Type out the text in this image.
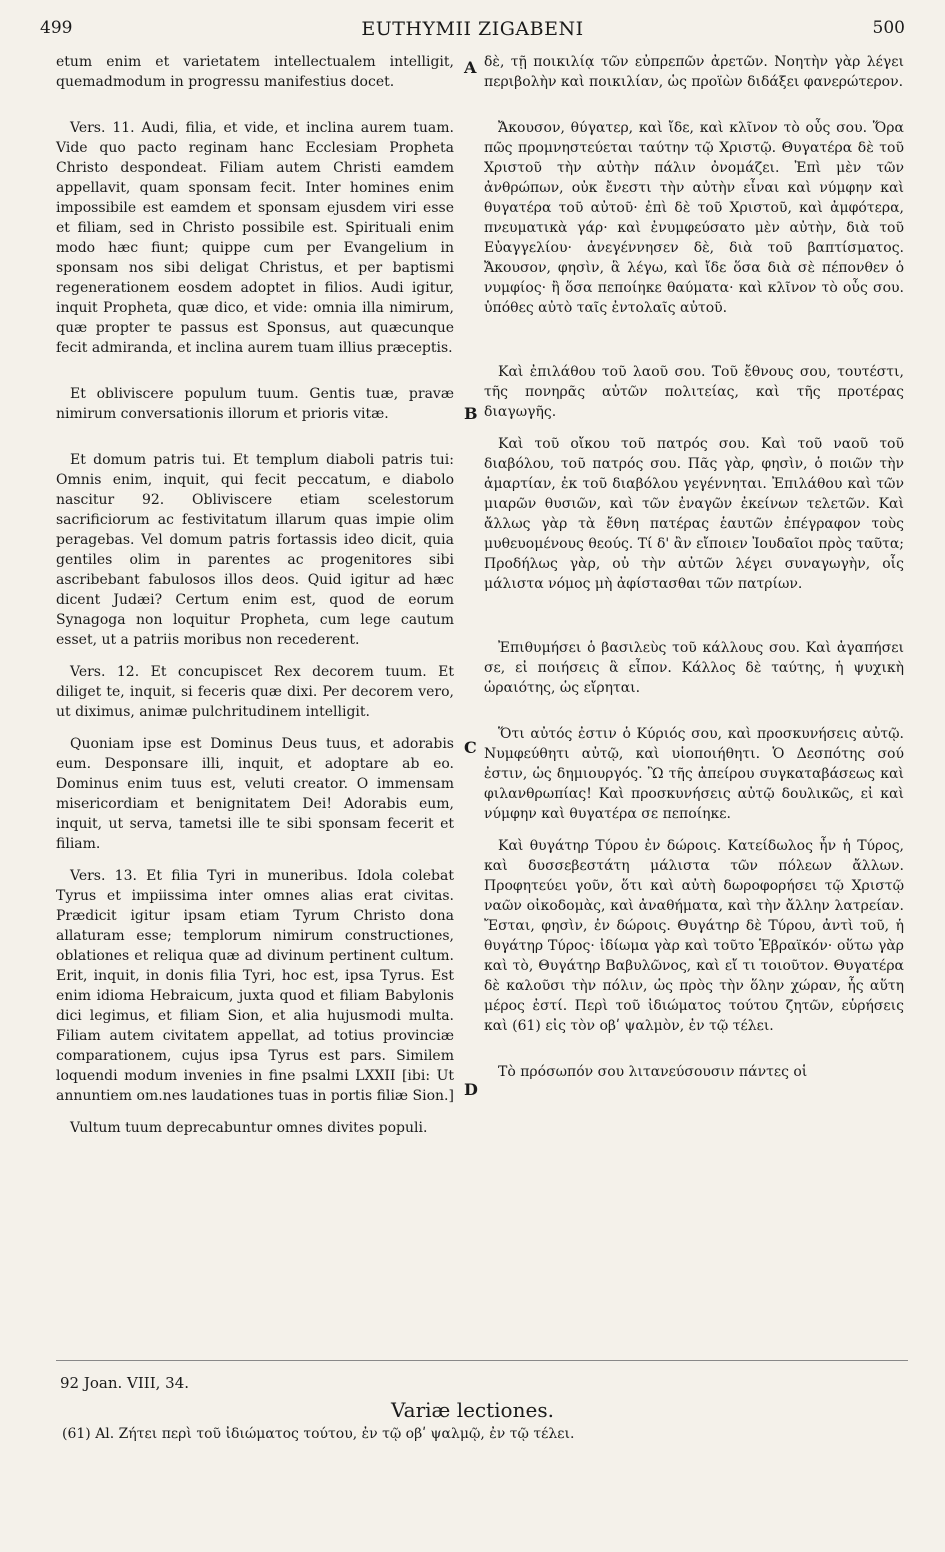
499	EUTHYMII ZIGABENI	500
A
B
C
D

etum enim et varietatem intellectualem intelligit, quemadmodum in progressu manifestius docet.

Vers. 11. Audi, filia, et vide, et inclina aurem tuam. Vide quo pacto reginam hanc Ecclesiam Propheta Christo despondeat. Filiam autem Christi eamdem appellavit, quam sponsam fecit. Inter homines enim impossibile est eamdem et sponsam ejusdem viri esse et filiam, sed in Christo possibile est. Spirituali enim modo hæc fiunt; quippe cum per Evangelium in sponsam nos sibi deligat Christus, et per baptismi regenerationem eosdem adoptet in filios. Audi igitur, inquit Propheta, quæ dico, et vide: omnia illa nimirum, quæ propter te passus est Sponsus, aut quæcunque fecit admiranda, et inclina aurem tuam illius præceptis.

Et obliviscere populum tuum. Gentis tuæ, pravæ nimirum conversationis illorum et prioris vitæ.

Et domum patris tui. Et templum diaboli patris tui: Omnis enim, inquit, qui fecit peccatum, e diabolo nascitur 92. Obliviscere etiam scelestorum sacrificiorum ac festivitatum illarum quas impie olim peragebas. Vel domum patris fortassis ideo dicit, quia gentiles olim in parentes ac progenitores sibi ascribebant fabulosos illos deos. Quid igitur ad hæc dicent Judæi? Certum enim est, quod de eorum Synagoga non loquitur Propheta, cum lege cautum esset, ut a patriis moribus non recederent.

Vers. 12. Et concupiscet Rex decorem tuum. Et diliget te, inquit, si feceris quæ dixi. Per decorem vero, ut diximus, animæ pulchritudinem intelligit.

Quoniam ipse est Dominus Deus tuus, et adorabis eum. Desponsare illi, inquit, et adoptare ab eo. Dominus enim tuus est, veluti creator. O immensam misericordiam et benignitatem Dei! Adorabis eum, inquit, ut serva, tametsi ille te sibi sponsam fecerit et filiam.

Vers. 13. Et filia Tyri in muneribus. Idola colebat Tyrus et impiissima inter omnes alias erat civitas. Prædicit igitur ipsam etiam Tyrum Christo dona allaturam esse; templorum nimirum constructiones, oblationes et reliqua quæ ad divinum pertinent cultum. Erit, inquit, in donis filia Tyri, hoc est, ipsa Tyrus. Est enim idioma Hebraicum, juxta quod et filiam Babylonis dici legimus, et filiam Sion, et alia hujusmodi multa. Filiam autem civitatem appellat, ad totius provinciæ comparationem, cujus ipsa Tyrus est pars. Similem loquendi modum invenies in fine psalmi LXXII [ibi: Ut annuntiem om.nes laudationes tuas in portis filiæ Sion.]

Vultum tuum deprecabuntur omnes divites populi.

δὲ, τῇ ποικιλίᾳ τῶν εὐπρεπῶν ἀρετῶν. Νοητὴν γὰρ λέγει περιβολὴν καὶ ποικιλίαν, ὡς προϊὼν διδάξει φανερώτερον.

Ἄκουσον, θύγατερ, καὶ ἴδε, καὶ κλῖνον τὸ οὖς σου. Ὅρα πῶς προμνηστεύεται ταύτην τῷ Χριστῷ. Θυγατέρα δὲ τοῦ Χριστοῦ τὴν αὐτὴν πάλιν ὀνομάζει. Ἐπὶ μὲν τῶν ἀνθρώπων, οὐκ ἔνεστι τὴν αὐτὴν εἶναι καὶ νύμφην καὶ θυγατέρα τοῦ αὐτοῦ· ἐπὶ δὲ τοῦ Χριστοῦ, καὶ ἀμφότερα, πνευματικὰ γάρ· καὶ ἐνυμφεύσατο μὲν αὐτὴν, διὰ τοῦ Εὐαγγελίου· ἀνεγέννησεν δὲ, διὰ τοῦ βαπτίσματος. Ἄκουσον, φησὶν, ἃ λέγω, καὶ ἴδε ὅσα διὰ σὲ πέπονθεν ὁ νυμφίος· ἢ ὅσα πεποίηκε θαύματα· καὶ κλῖνον τὸ οὖς σου. ὑπόθες αὐτὸ ταῖς ἐντολαῖς αὐτοῦ.

Καὶ ἐπιλάθου τοῦ λαοῦ σου. Τοῦ ἔθνους σου, τουτέστι, τῆς πονηρᾶς αὐτῶν πολιτείας, καὶ τῆς προτέρας διαγωγῆς.

Καὶ τοῦ οἴκου τοῦ πατρός σου. Καὶ τοῦ ναοῦ τοῦ διαβόλου, τοῦ πατρός σου. Πᾶς γὰρ, φησὶν, ὁ ποιῶν τὴν ἁμαρτίαν, ἐκ τοῦ διαβόλου γεγέννηται. Ἐπιλάθου καὶ τῶν μιαρῶν θυσιῶν, καὶ τῶν ἐναγῶν ἐκείνων τελετῶν. Καὶ ἄλλως γὰρ τὰ ἔθνη πατέρας ἑαυτῶν ἐπέγραφον τοὺς μυθευομένους θεούς. Τί δ' ἂν εἴποιεν Ἰουδαῖοι πρὸς ταῦτα; Προδήλως γὰρ, οὐ τὴν αὐτῶν λέγει συναγωγὴν, οἷς μάλιστα νόμος μὴ ἀφίστασθαι τῶν πατρίων.

Ἐπιθυμήσει ὁ βασιλεὺς τοῦ κάλλους σου. Καὶ ἀγαπήσει σε, εἰ ποιήσεις ἃ εἶπον. Κάλλος δὲ ταύτης, ἡ ψυχικὴ ὡραιότης, ὡς εἴρηται.

Ὅτι αὐτός ἐστιν ὁ Κύριός σου, καὶ προσκυνήσεις αὐτῷ. Νυμφεύθητι αὐτῷ, καὶ υἱοποιήθητι. Ὁ Δεσπότης σού ἐστιν, ὡς δημιουργός. Ὢ τῆς ἀπείρου συγκαταβάσεως καὶ φιλανθρωπίας! Καὶ προσκυνήσεις αὐτῷ δουλικῶς, εἰ καὶ νύμφην καὶ θυγατέρα σε πεποίηκε.

Καὶ θυγάτηρ Τύρου ἐν δώροις. Κατείδωλος ἦν ἡ Τύρος, καὶ δυσσεβεστάτη μάλιστα τῶν πόλεων ἄλλων. Προφητεύει γοῦν, ὅτι καὶ αὐτὴ δωροφορήσει τῷ Χριστῷ ναῶν οἰκοδομὰς, καὶ ἀναθήματα, καὶ τὴν ἄλλην λατρείαν. Ἔσται, φησὶν, ἐν δώροις. Θυγάτηρ δὲ Τύρου, ἀντὶ τοῦ, ἡ θυγάτηρ Τύρος· ἰδίωμα γὰρ καὶ τοῦτο Ἑβραϊκόν· οὕτω γὰρ καὶ τὸ, Θυγάτηρ Βαβυλῶνος, καὶ εἴ τι τοιοῦτον. Θυγατέρα δὲ καλοῦσι τὴν πόλιν, ὡς πρὸς τὴν ὅλην χώραν, ἧς αὕτη μέρος ἐστί. Περὶ τοῦ ἰδιώματος τούτου ζητῶν, εὑρήσεις καὶ (61) εἰς τὸν οβʹ ψαλμὸν, ἐν τῷ τέλει.

Τὸ πρόσωπόν σου λιτανεύσουσιν πάντες οἱ

92 Joan. VIII, 34.
Variæ lectiones.
(61) Al. Ζήτει περὶ τοῦ ἰδιώματος τούτου, ἐν τῷ οβʹ ψαλμῷ, ἐν τῷ τέλει.
